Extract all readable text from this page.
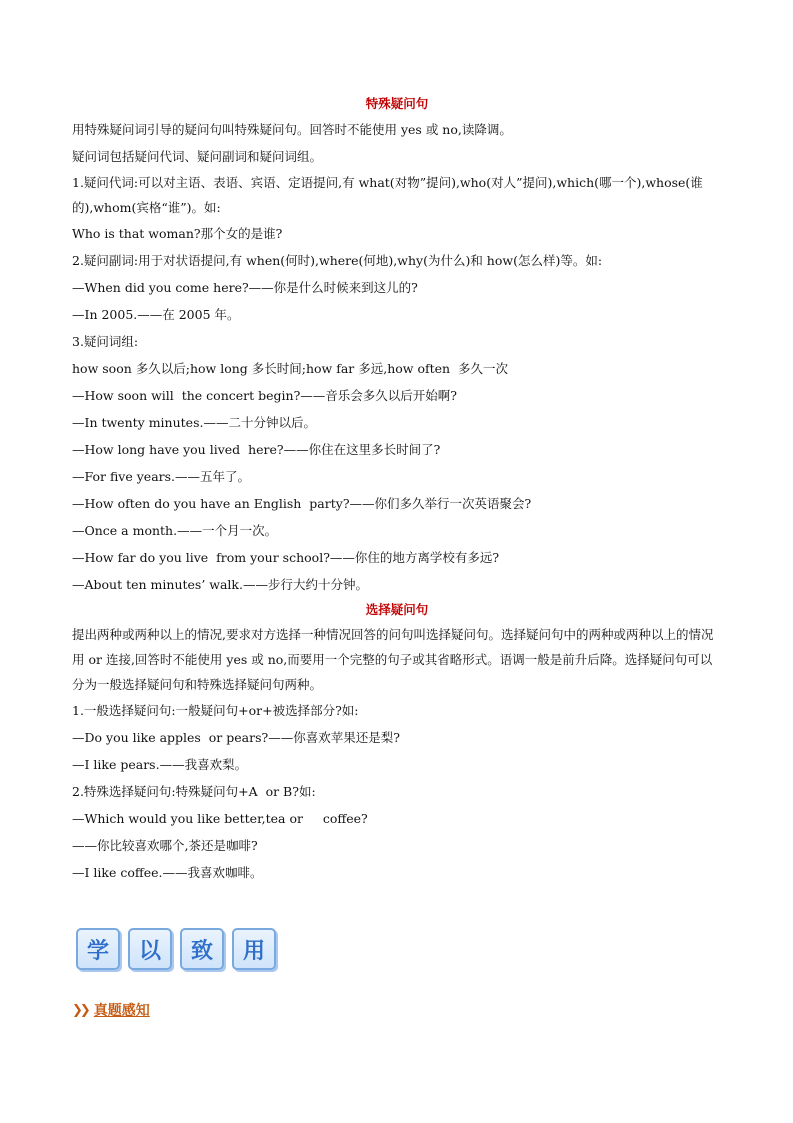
特殊疑问句

用特殊疑问词引导的疑问句叫特殊疑问句。回答时不能使用 yes 或 no,读降调。

疑问词包括疑问代词、疑问副词和疑问词组。

1.疑问代词:可以对主语、表语、宾语、定语提问,有 what(对物”提问),who(对人”提问),which(哪一个),whose(谁的),whom(宾格“谁”)。如:

Who is that woman?那个女的是谁?

2.疑问副词:用于对状语提问,有 when(何时),where(何地),why(为什么)和 how(怎么样)等。如:

—When did you come here?——你是什么时候来到这儿的?

—In 2005.——在 2005 年。

3.疑问词组:

how soon 多久以后;how long 多长时间;how far 多远,how often  多久一次

—How soon will  the concert begin?——音乐会多久以后开始啊?

—In twenty minutes.——二十分钟以后。

—How long have you lived  here?——你住在这里多长时间了?

—For five years.——五年了。

—How often do you have an English  party?——你们多久举行一次英语聚会?

—Once a month.——一个月一次。

—How far do you live  from your school?——你住的地方离学校有多远?

—About ten minutes’ walk.——步行大约十分钟。

选择疑问句

提出两种或两种以上的情况,要求对方选择一种情况回答的问句叫选择疑问句。选择疑问句中的两种或两种以上的情况用 or 连接,回答时不能使用 yes 或 no,而要用一个完整的句子或其省略形式。语调一般是前升后降。选择疑问句可以分为一般选择疑问句和特殊选择疑问句两种。

1.一般选择疑问句:一般疑问句+or+被选择部分?如:

—Do you like apples  or pears?——你喜欢苹果还是梨?

—I like pears.——我喜欢梨。

2.特殊选择疑问句:特殊疑问句+A  or B?如:

—Which would you like better,tea or     coffee?

——你比较喜欢哪个,茶还是咖啡?

—I like coffee.——我喜欢咖啡。

学	以	致	用
❯❯ 真题感知
